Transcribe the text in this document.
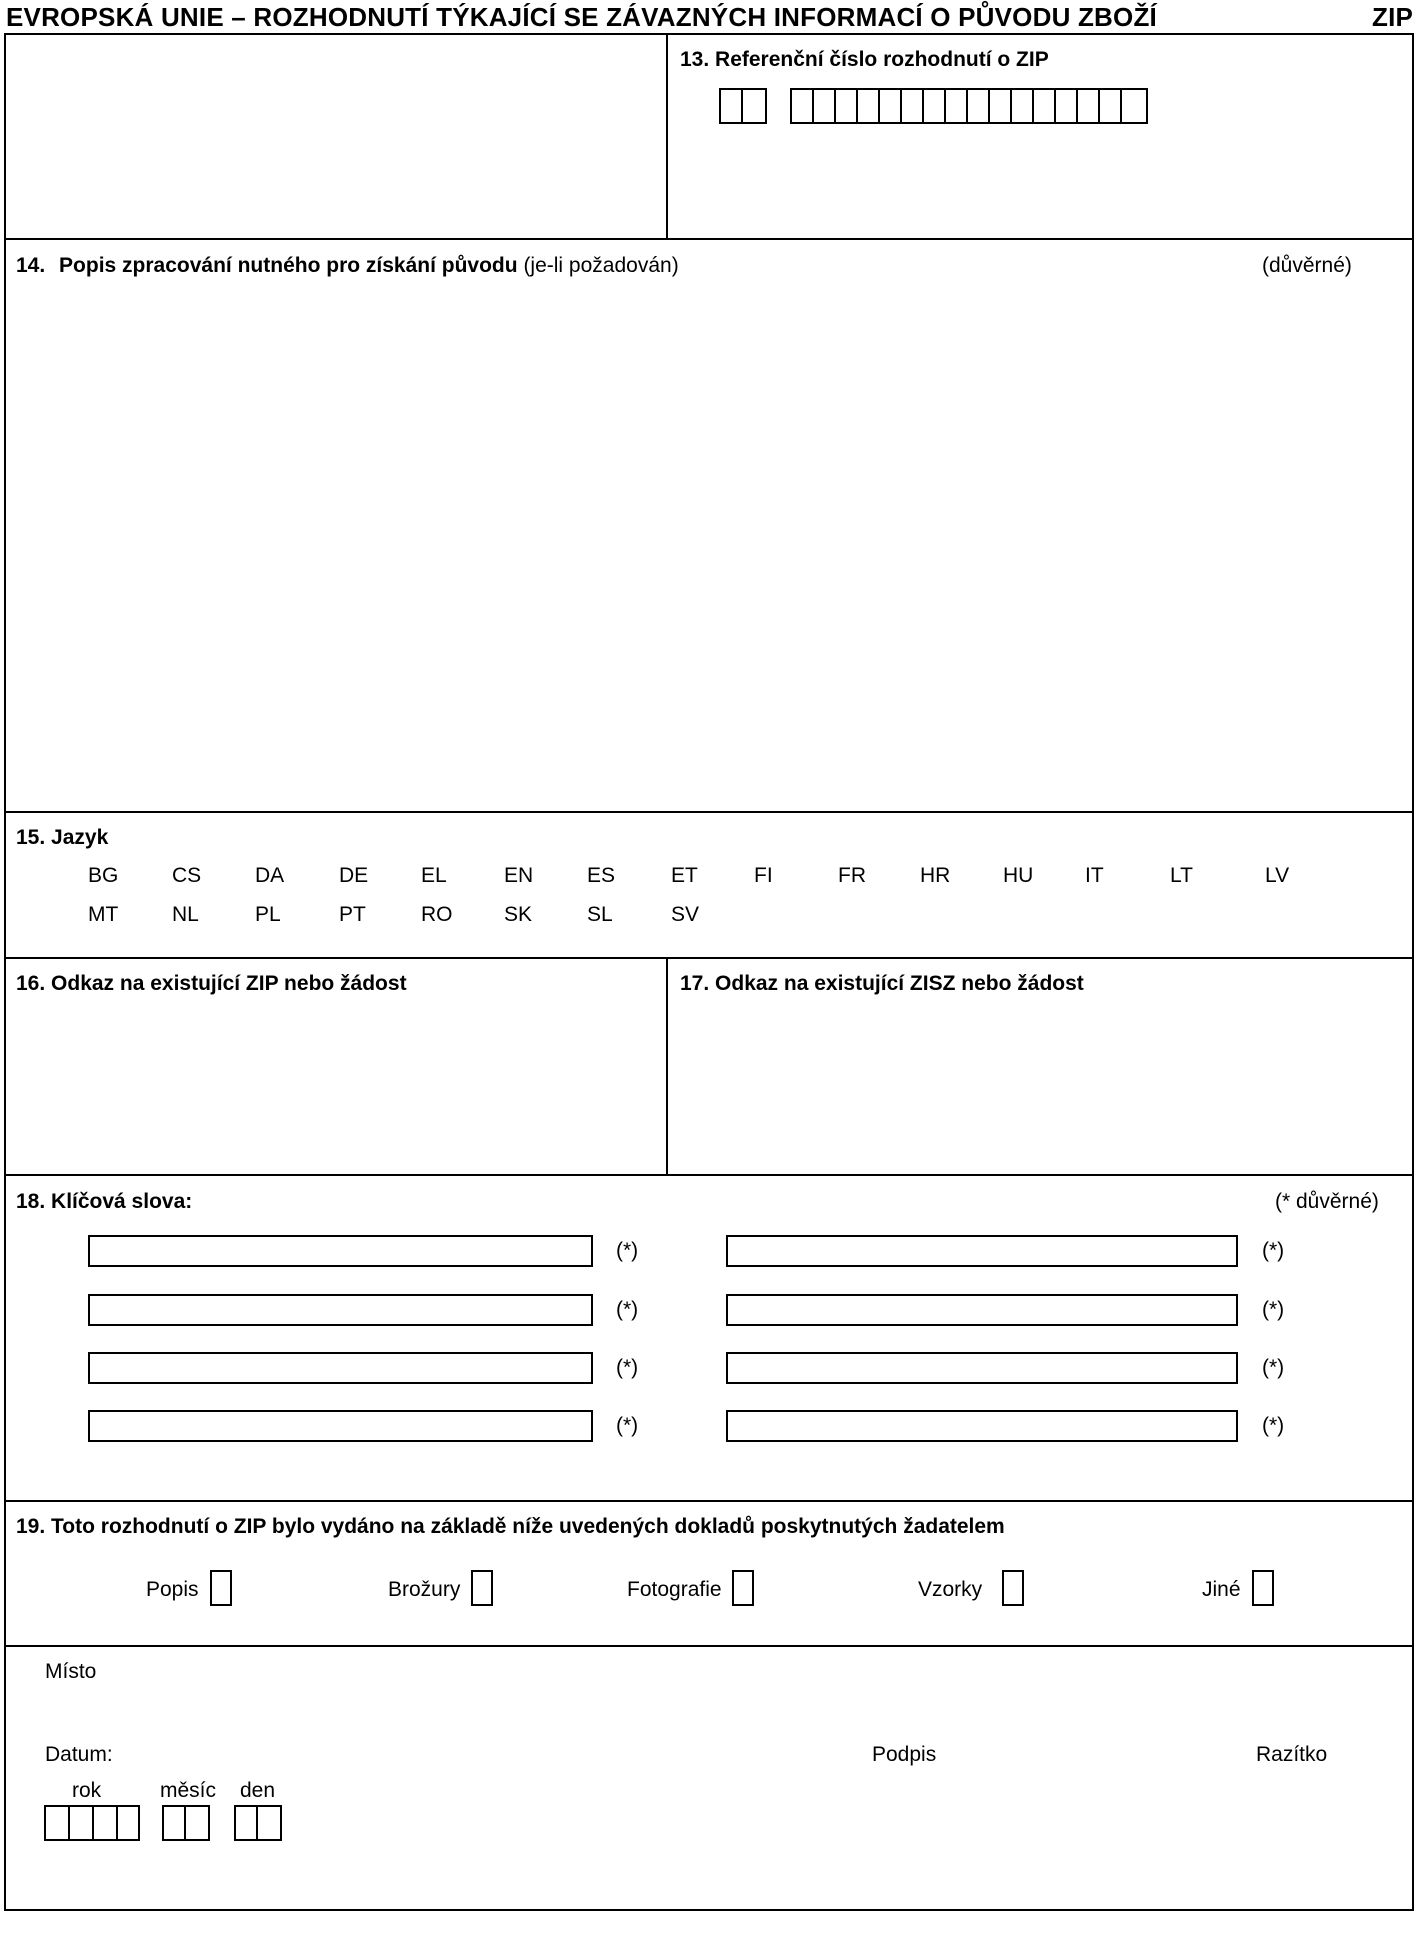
EVROPSKÁ UNIE – ROZHODNUTÍ TÝKAJÍCÍ SE ZÁVAZNÝCH INFORMACÍ O PŮVODU ZBOŽÍ	ZIP
13. Referenční číslo rozhodnutí o ZIP
14. Popis zpracování nutného pro získání původu (je-li požadován)	(důvěrné)
15. Jazyk
BG	CS	DA	DE	EL	EN	ES	ET	FI	FR	HR	HU IT	LT	LV
MT	NL	PL	PT	RO SK	SL	SV
16. Odkaz na existující ZIP nebo žádost	17. Odkaz na existující ZISZ nebo žádost
18. Klíčová slova:	(* důvěrné)
(*)	(*)
(*)	(*)
(*)	(*)
(*)	(*)
19. Toto rozhodnutí o ZIP bylo vydáno na základě níže uvedených dokladů poskytnutých žadatelem
Popis	Brožury	Fotografie	Vzorky	Jiné
Místo
Datum:
rok	měsíc den
Podpis	Razítko
